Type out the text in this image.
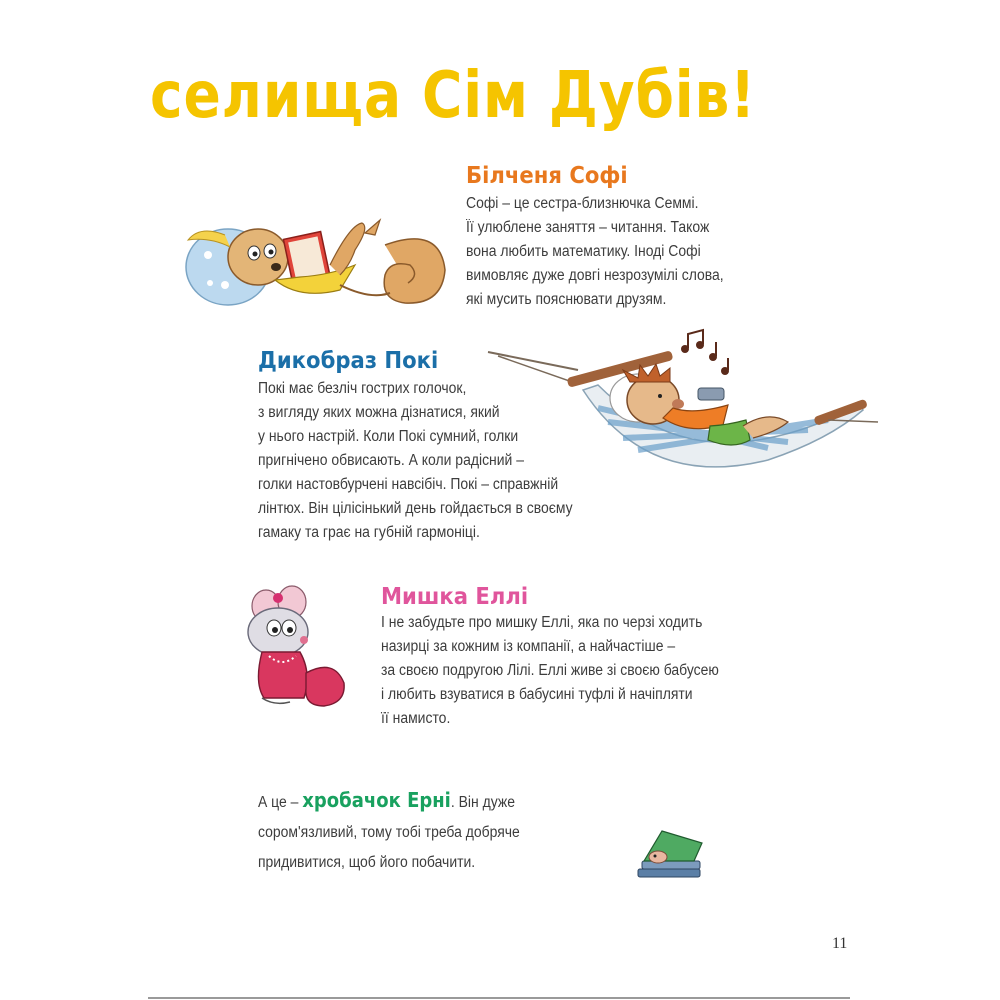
селища Сім Дубів!
Білченя Софі

Софі – це сестра-близнючка Семмі.
Її улюблене заняття – читання. Також
вона любить математику. Іноді Софі
вимовляє дуже довгі незрозумілі слова,
які мусить пояснювати друзям.

Дикобраз Покі

Покі має безліч гострих голочок,
з вигляду яких можна дізнатися, який
у нього настрій. Коли Покі сумний, голки
пригнічено обвисають. А коли радісний –
голки настовбурчені навсібіч. Покі – справжній
лінтюх. Він цілісінький день гойдається в своєму
гамаку та грає на губній гармоніці.

Мишка Еллі

І не забудьте про мишку Еллі, яка по черзі ходить
назирці за кожним із компанії, а найчастіше –
за своєю подругою Лілі. Еллі живе зі своєю бабусею
і любить взуватися в бабусині туфлі й начіпляти
її намисто.

А це – хробачок Ерні. Він дуже
сором'язливий, тому тобі треба добряче
придивитися, щоб його побачити.

11
